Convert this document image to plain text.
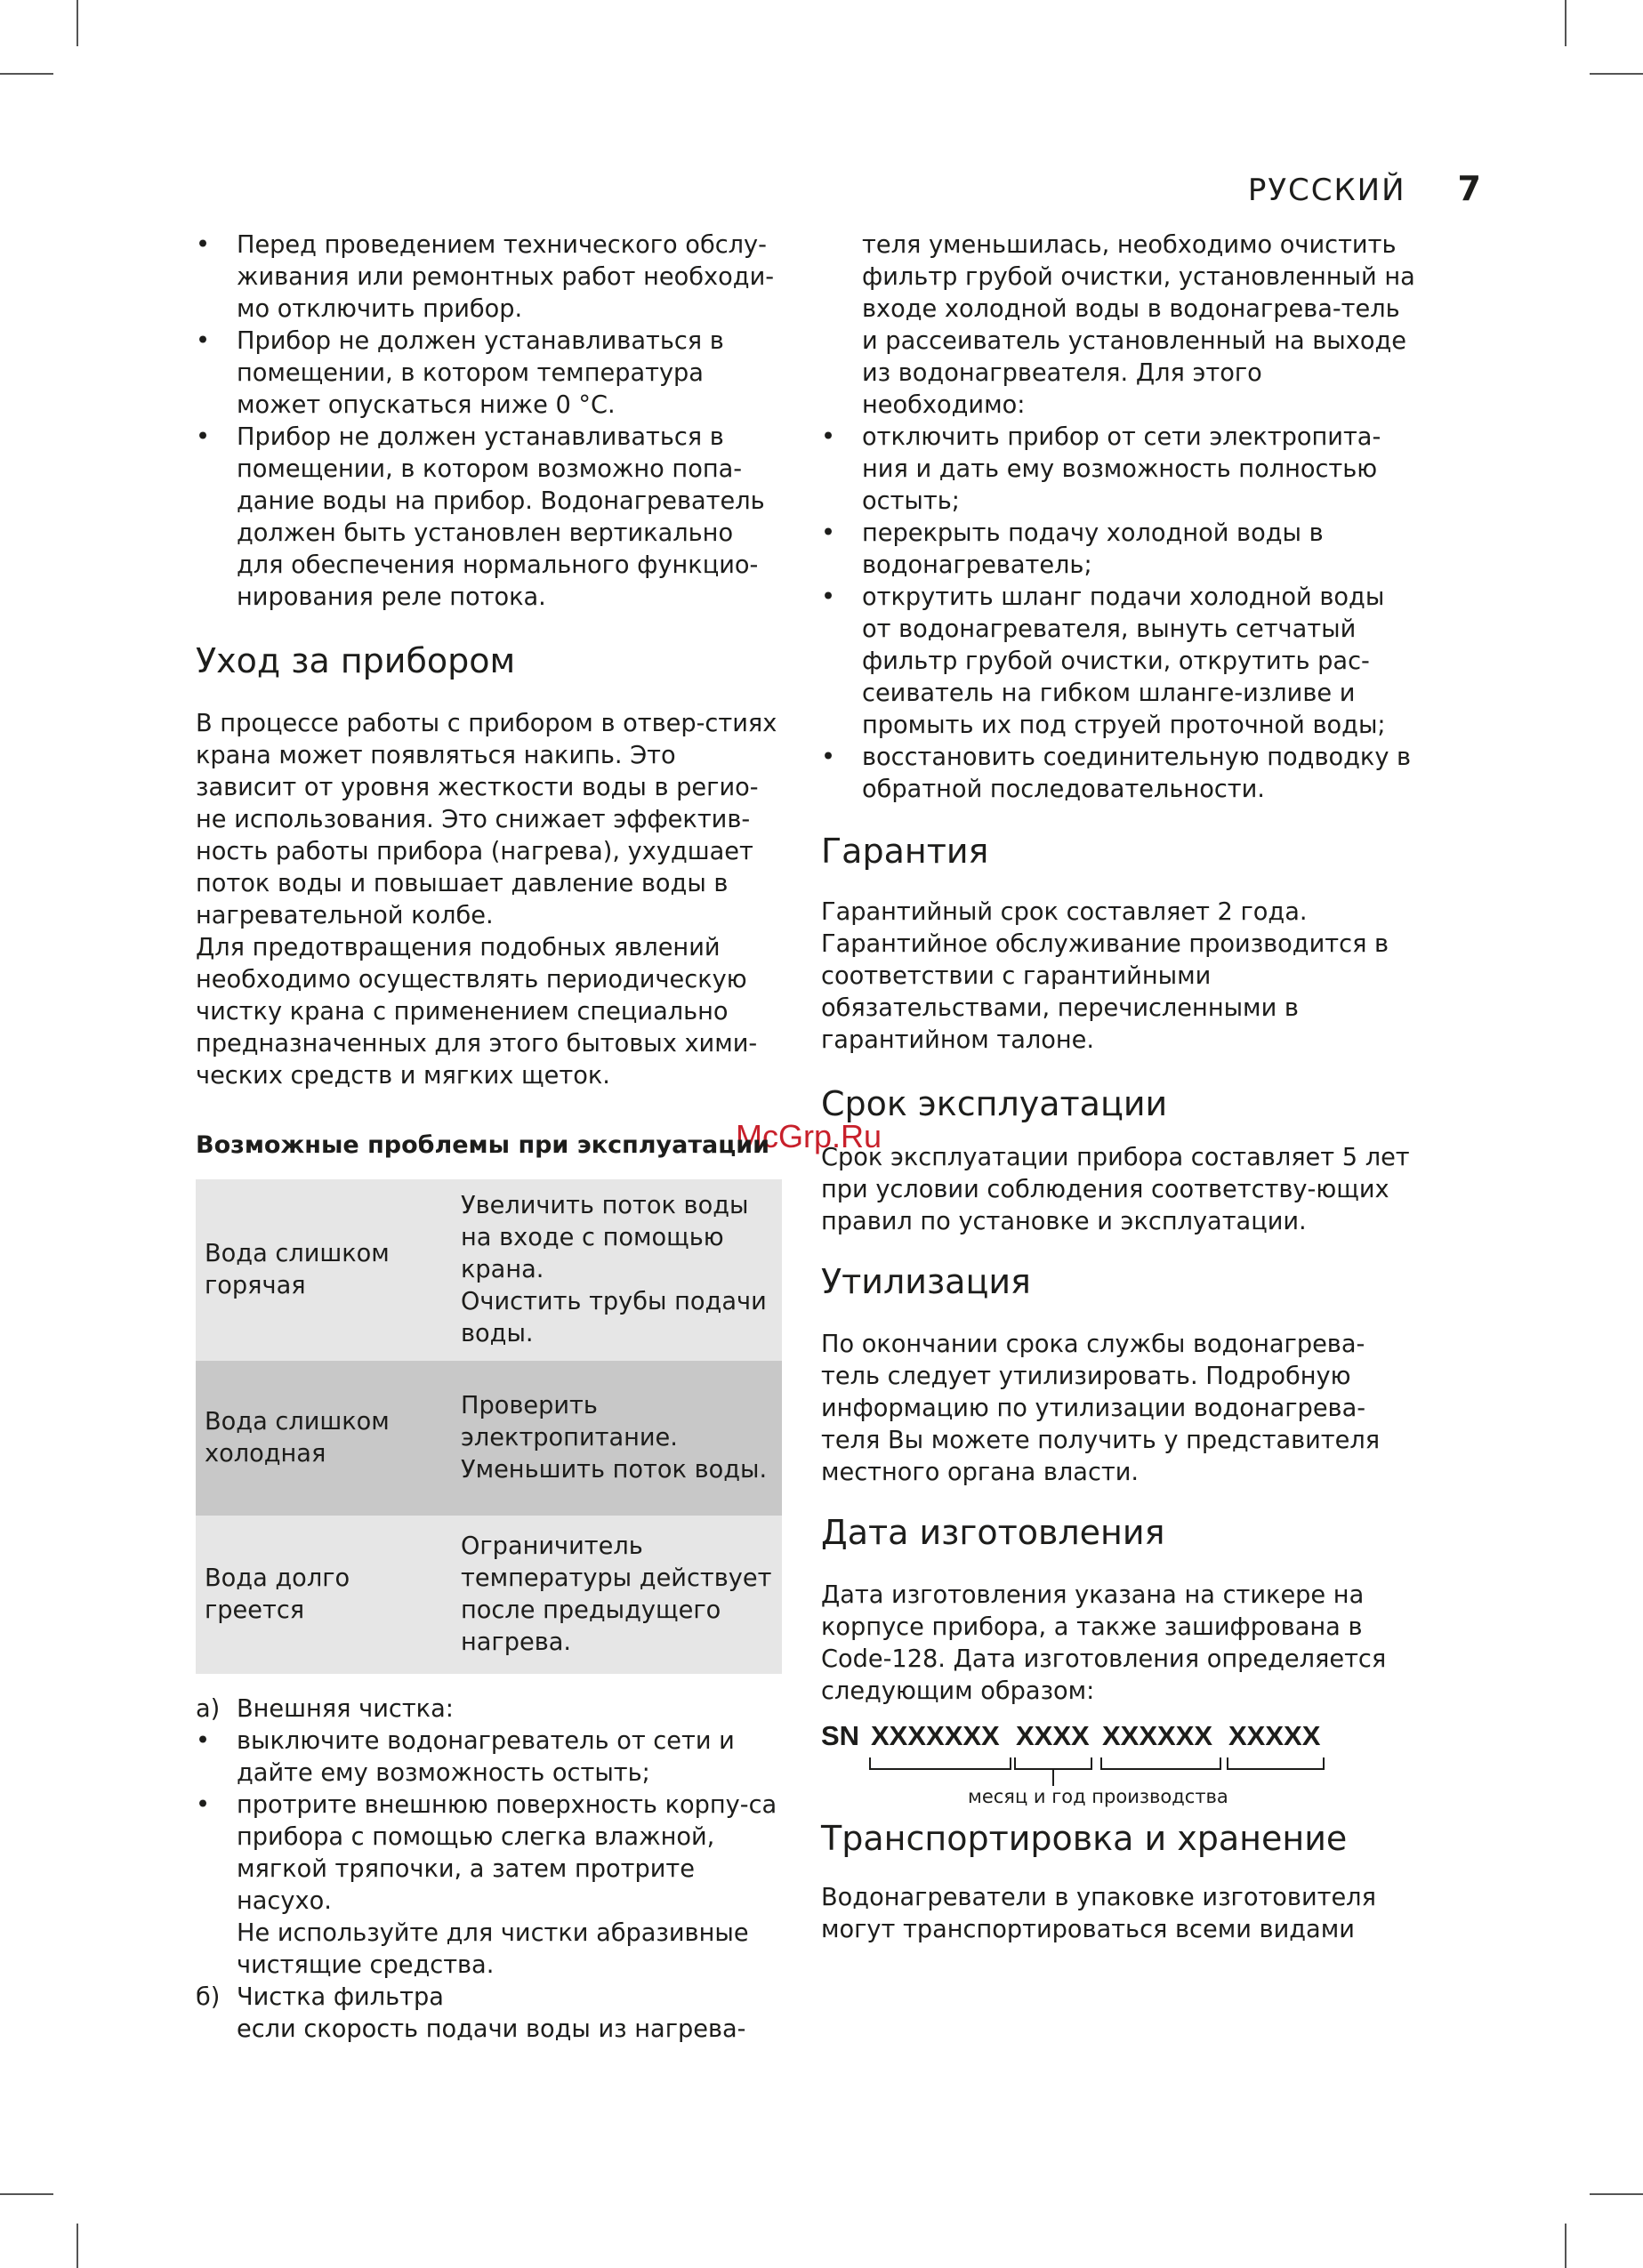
РУССКИЙ 7
McGrp.Ru
• Перед проведением технического обслу-живания или ремонтных работ необходи-мо отключить прибор.
• Прибор не должен устанавливаться в помещении, в котором температура может опускаться ниже 0 °С.
• Прибор не должен устанавливаться в помещении, в котором возможно попа-дание воды на прибор. Водонагреватель должен быть установлен вертикально для обеспечения нормального функцио-нирования реле потока.
Уход за прибором

В процессе работы с прибором в отвер-стиях крана может появляться накипь. Это зависит от уровня жесткости воды в регио-не использования. Это снижает эффектив-ность работы прибора (нагрева), ухудшает поток воды и повышает давление воды в нагревательной колбе.

Для предотвращения подобных явлений необходимо осуществлять периодическую чистку крана с применением специально предназначенных для этого бытовых хими-ческих средств и мягких щеток.

Возможные проблемы при эксплуатации
Вода слишком горячая	Увеличить поток воды на входе с помощью крана.
Очистить трубы подачи воды.

Вода слишком холодная	Проверить электропитание.
Уменьшить поток воды.

Вода долго греется	Ограничитель температуры действует после предыдущего нагрева.
а) Внешняя чистка:
• выключите водонагреватель от сети и дайте ему возможность остыть;
• протрите внешнюю поверхность корпу-са прибора с помощью слегка влажной, мягкой тряпочки, а затем протрите насухо.

Не используйте для чистки абразивные чистящие средства.

б) Чистка фильтра

если скорость подачи воды из нагрева-

теля уменьшилась, необходимо очистить фильтр грубой очистки, установленный на входе холодной воды в водонагрева-тель и рассеиватель установленный на выходе из водонагрвеателя. Для этого необходимо:

• отключить прибор от сети электропита-ния и дать ему возможность полностью остыть;
• перекрыть подачу холодной воды в водонагреватель;
• открутить шланг подачи холодной воды от водонагревателя, вынуть сетчатый фильтр грубой очистки, открутить рас-сеиватель на гибком шланге-изливе и промыть их под струей проточной воды;
• восстановить соединительную подводку в обратной последовательности.
Гарантия

Гарантийный срок составляет 2 года. Гарантийное обслуживание производится в соответствии с гарантийными обязательствами, перечисленными в гарантийном талоне.

Срок эксплуатации

Срок эксплуатации прибора составляет 5 лет при условии соблюдения соответству-ющих правил по установке и эксплуатации.

Утилизация

По окончании срока службы водонагрева-тель следует утилизировать. Подробную информацию по утилизации водонагрева-теля Вы можете получить у представителя местного органа власти.

Дата изготовления

Дата изготовления указана на стикере на корпусе прибора, а также зашифрована в Code-128. Дата изготовления определяется следующим образом:

SN XXXXXXX XXXX XXXXXX XXXXX
месяц и год производства
Транспортировка и хранение

Водонагреватели в упаковке изготовителя могут транспортироваться всеми видами
